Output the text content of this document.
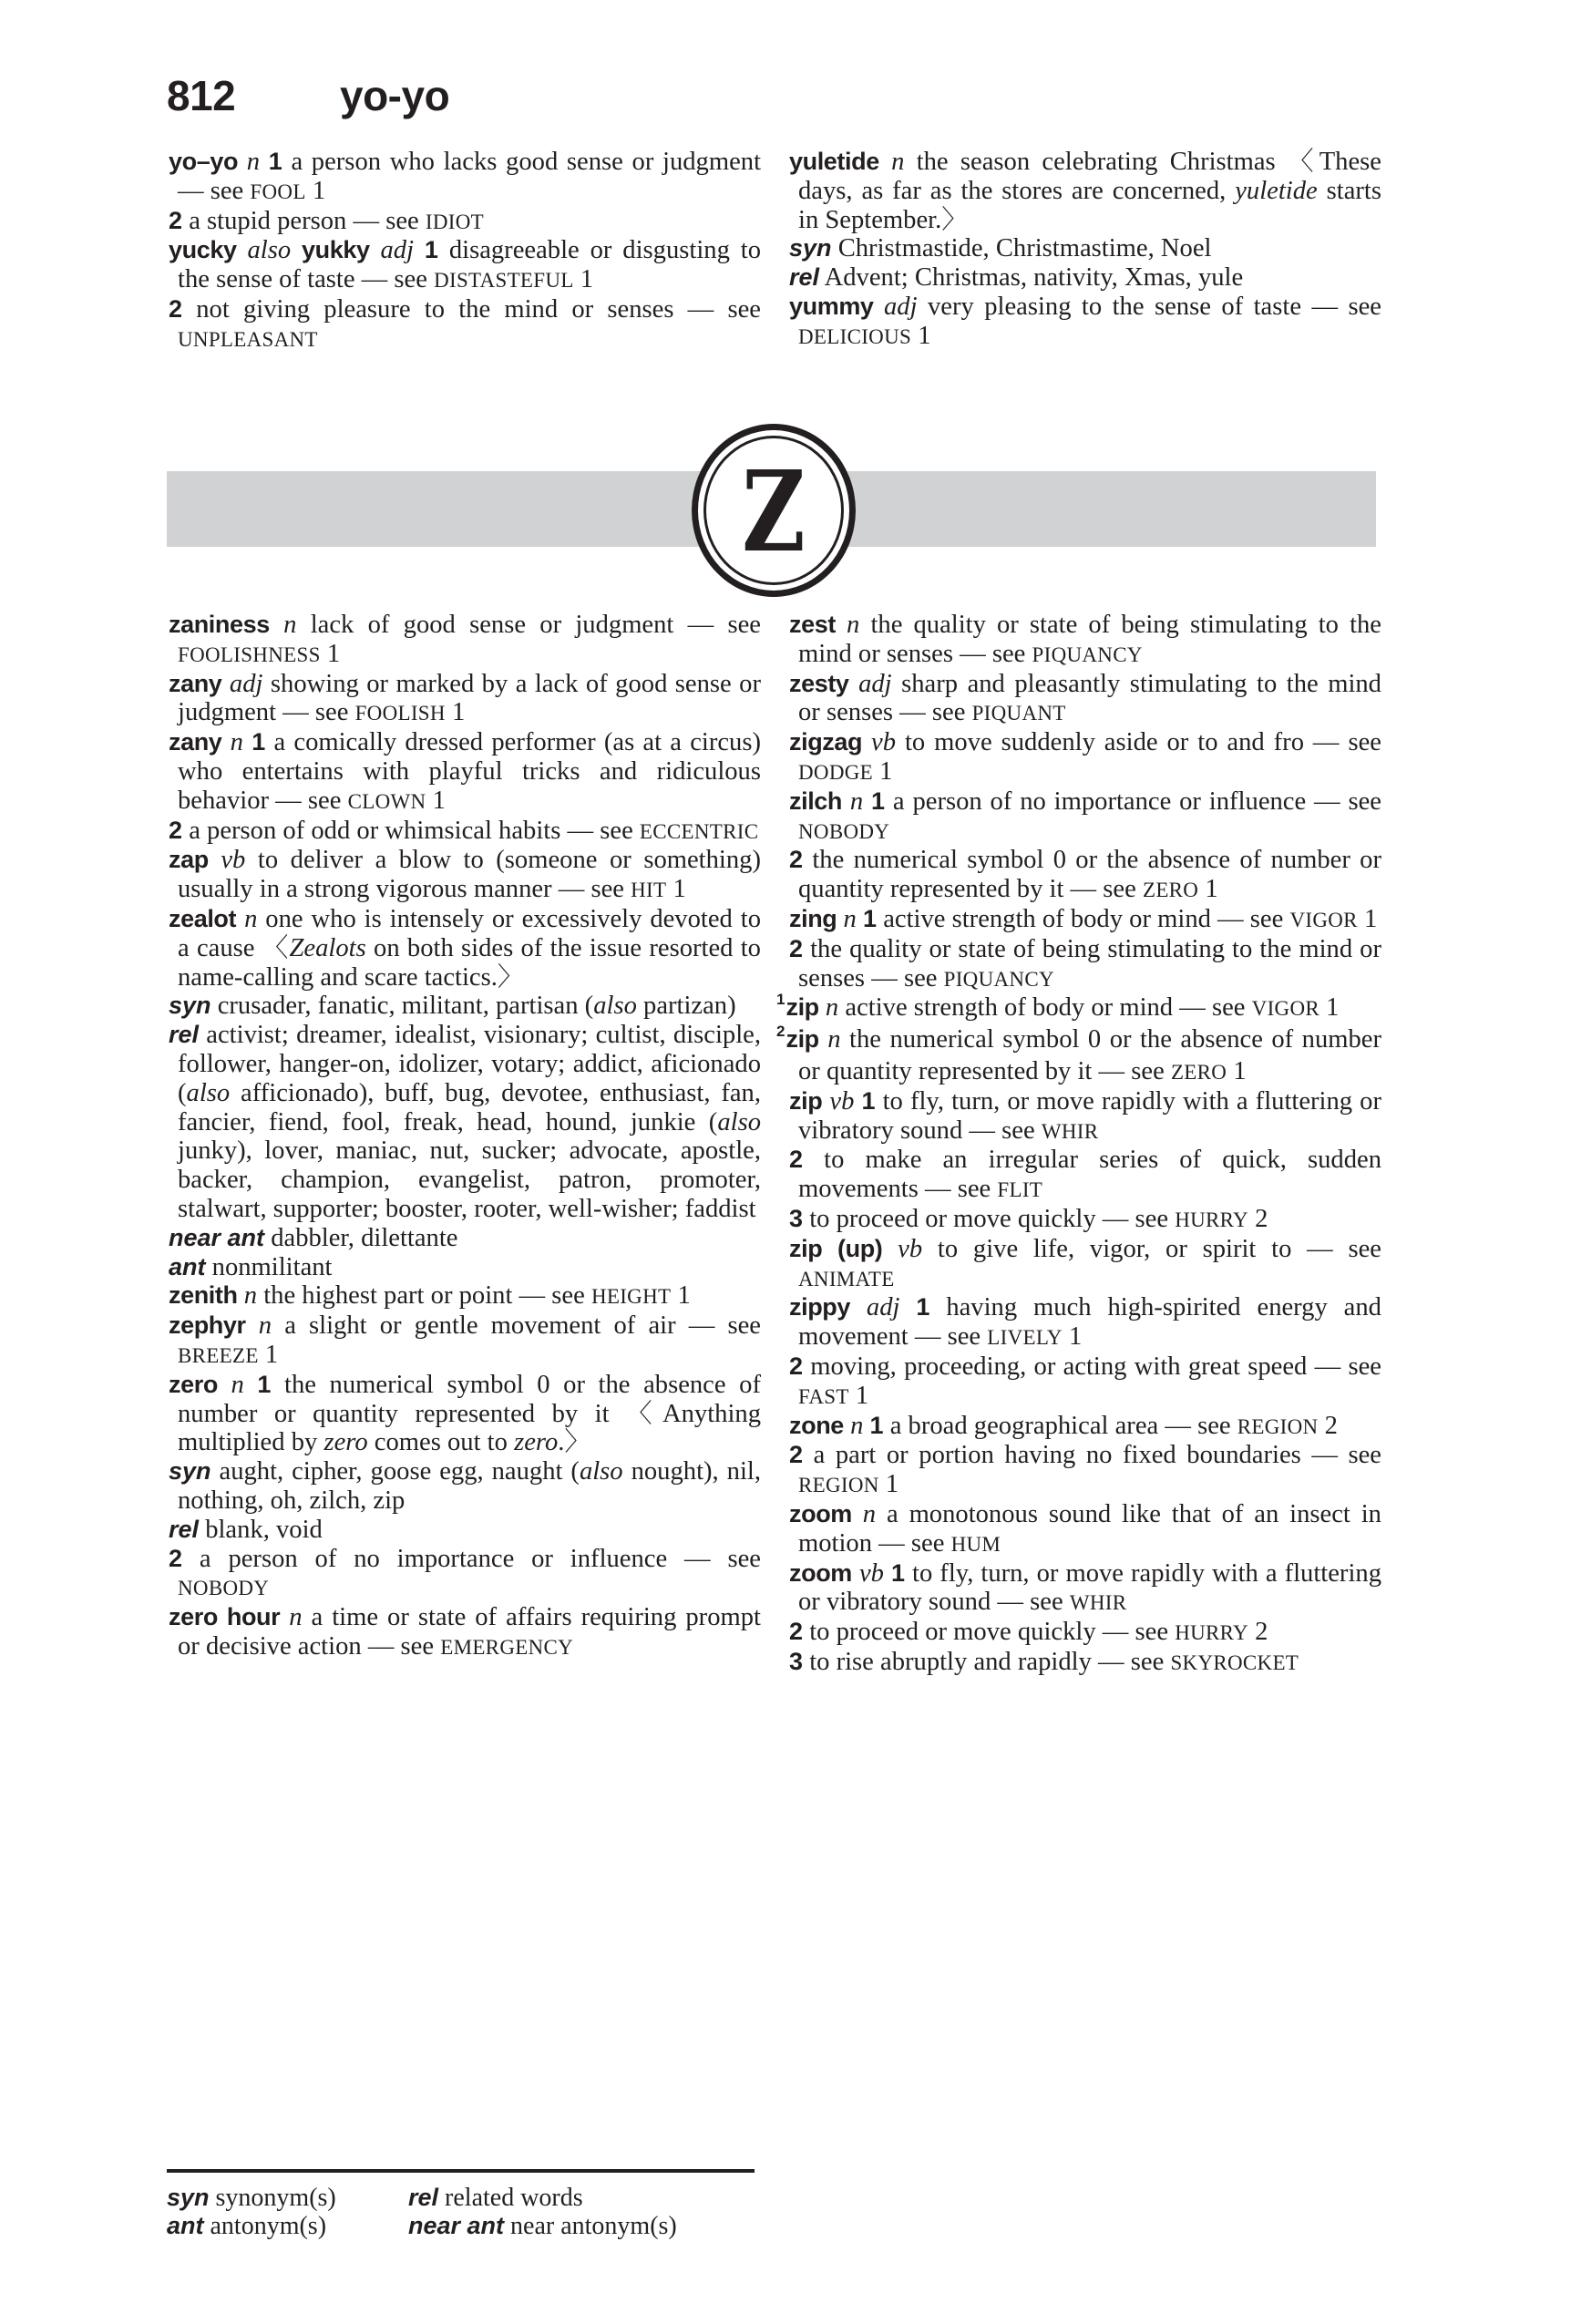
812	yo-yo

yo–yo n 1 a person who lacks good sense or judgment — see FOOL 1

2 a stupid person — see IDIOT

yucky also yukky adj 1 disagreeable or disgusting to the sense of taste — see DISTASTEFUL 1

2 not giving pleasure to the mind or senses — see UNPLEASANT

yuletide n the season celebrating Christmas 〈These days, as far as the stores are concerned, yuletide starts in September.〉

syn Christmastide, Christmastime, Noel

rel Advent; Christmas, nativity, Xmas, yule

yummy adj very pleasing to the sense of taste — see DELICIOUS 1

Z

zaniness n lack of good sense or judgment — see FOOLISHNESS 1

zany adj showing or marked by a lack of good sense or judgment — see FOOLISH 1

zany n 1 a comically dressed performer (as at a circus) who entertains with playful tricks and ridiculous behavior — see CLOWN 1

2 a person of odd or whimsical habits — see ECCENTRIC

zap vb to deliver a blow to (someone or something) usually in a strong vigorous manner — see HIT 1

zealot n one who is intensely or excessively devoted to a cause 〈Zealots on both sides of the issue resorted to name-calling and scare tactics.〉

syn crusader, fanatic, militant, partisan (also partizan)

rel activist; dreamer, idealist, visionary; cultist, disciple, follower, hanger-on, idolizer, votary; addict, aficionado (also afficionado), buff, bug, devotee, enthusiast, fan, fancier, fiend, fool, freak, head, hound, junkie (also junky), lover, maniac, nut, sucker; advocate, apostle, backer, champion, evangelist, patron, promoter, stalwart, supporter; booster, rooter, well-wisher; faddist

near ant dabbler, dilettante

ant nonmilitant

zenith n the highest part or point — see HEIGHT 1

zephyr n a slight or gentle movement of air — see BREEZE 1

zero n 1 the numerical symbol 0 or the absence of number or quantity represented by it 〈Anything multiplied by zero comes out to zero.〉

syn aught, cipher, goose egg, naught (also nought), nil, nothing, oh, zilch, zip

rel blank, void

2 a person of no importance or influence — see NOBODY

zero hour n a time or state of affairs requiring prompt or decisive action — see EMERGENCY

zest n the quality or state of being stimulating to the mind or senses — see PIQUANCY

zesty adj sharp and pleasantly stimulating to the mind or senses — see PIQUANT

zigzag vb to move suddenly aside or to and fro — see DODGE 1

zilch n 1 a person of no importance or influence — see NOBODY

2 the numerical symbol 0 or the absence of number or quantity represented by it — see ZERO 1

zing n 1 active strength of body or mind — see VIGOR 1

2 the quality or state of being stimulating to the mind or senses — see PIQUANCY

$^1$zip n active strength of body or mind — see VIGOR 1

$^2$zip n the numerical symbol 0 or the absence of number or quantity represented by it — see ZERO 1

zip vb 1 to fly, turn, or move rapidly with a fluttering or vibratory sound — see WHIR

2 to make an irregular series of quick, sudden movements — see FLIT

3 to proceed or move quickly — see HURRY 2

zip (up) vb to give life, vigor, or spirit to — see ANIMATE

zippy adj 1 having much high-spirited energy and movement — see LIVELY 1

2 moving, proceeding, or acting with great speed — see FAST 1

zone n 1 a broad geographical area — see REGION 2

2 a part or portion having no fixed boundaries — see REGION 1

zoom n a monotonous sound like that of an insect in motion — see HUM

zoom vb 1 to fly, turn, or move rapidly with a fluttering or vibratory sound — see WHIR

2 to proceed or move quickly — see HURRY 2

3 to rise abruptly and rapidly — see SKYROCKET

syn synonym(s)	rel related words
ant antonym(s)	near ant near antonym(s)
